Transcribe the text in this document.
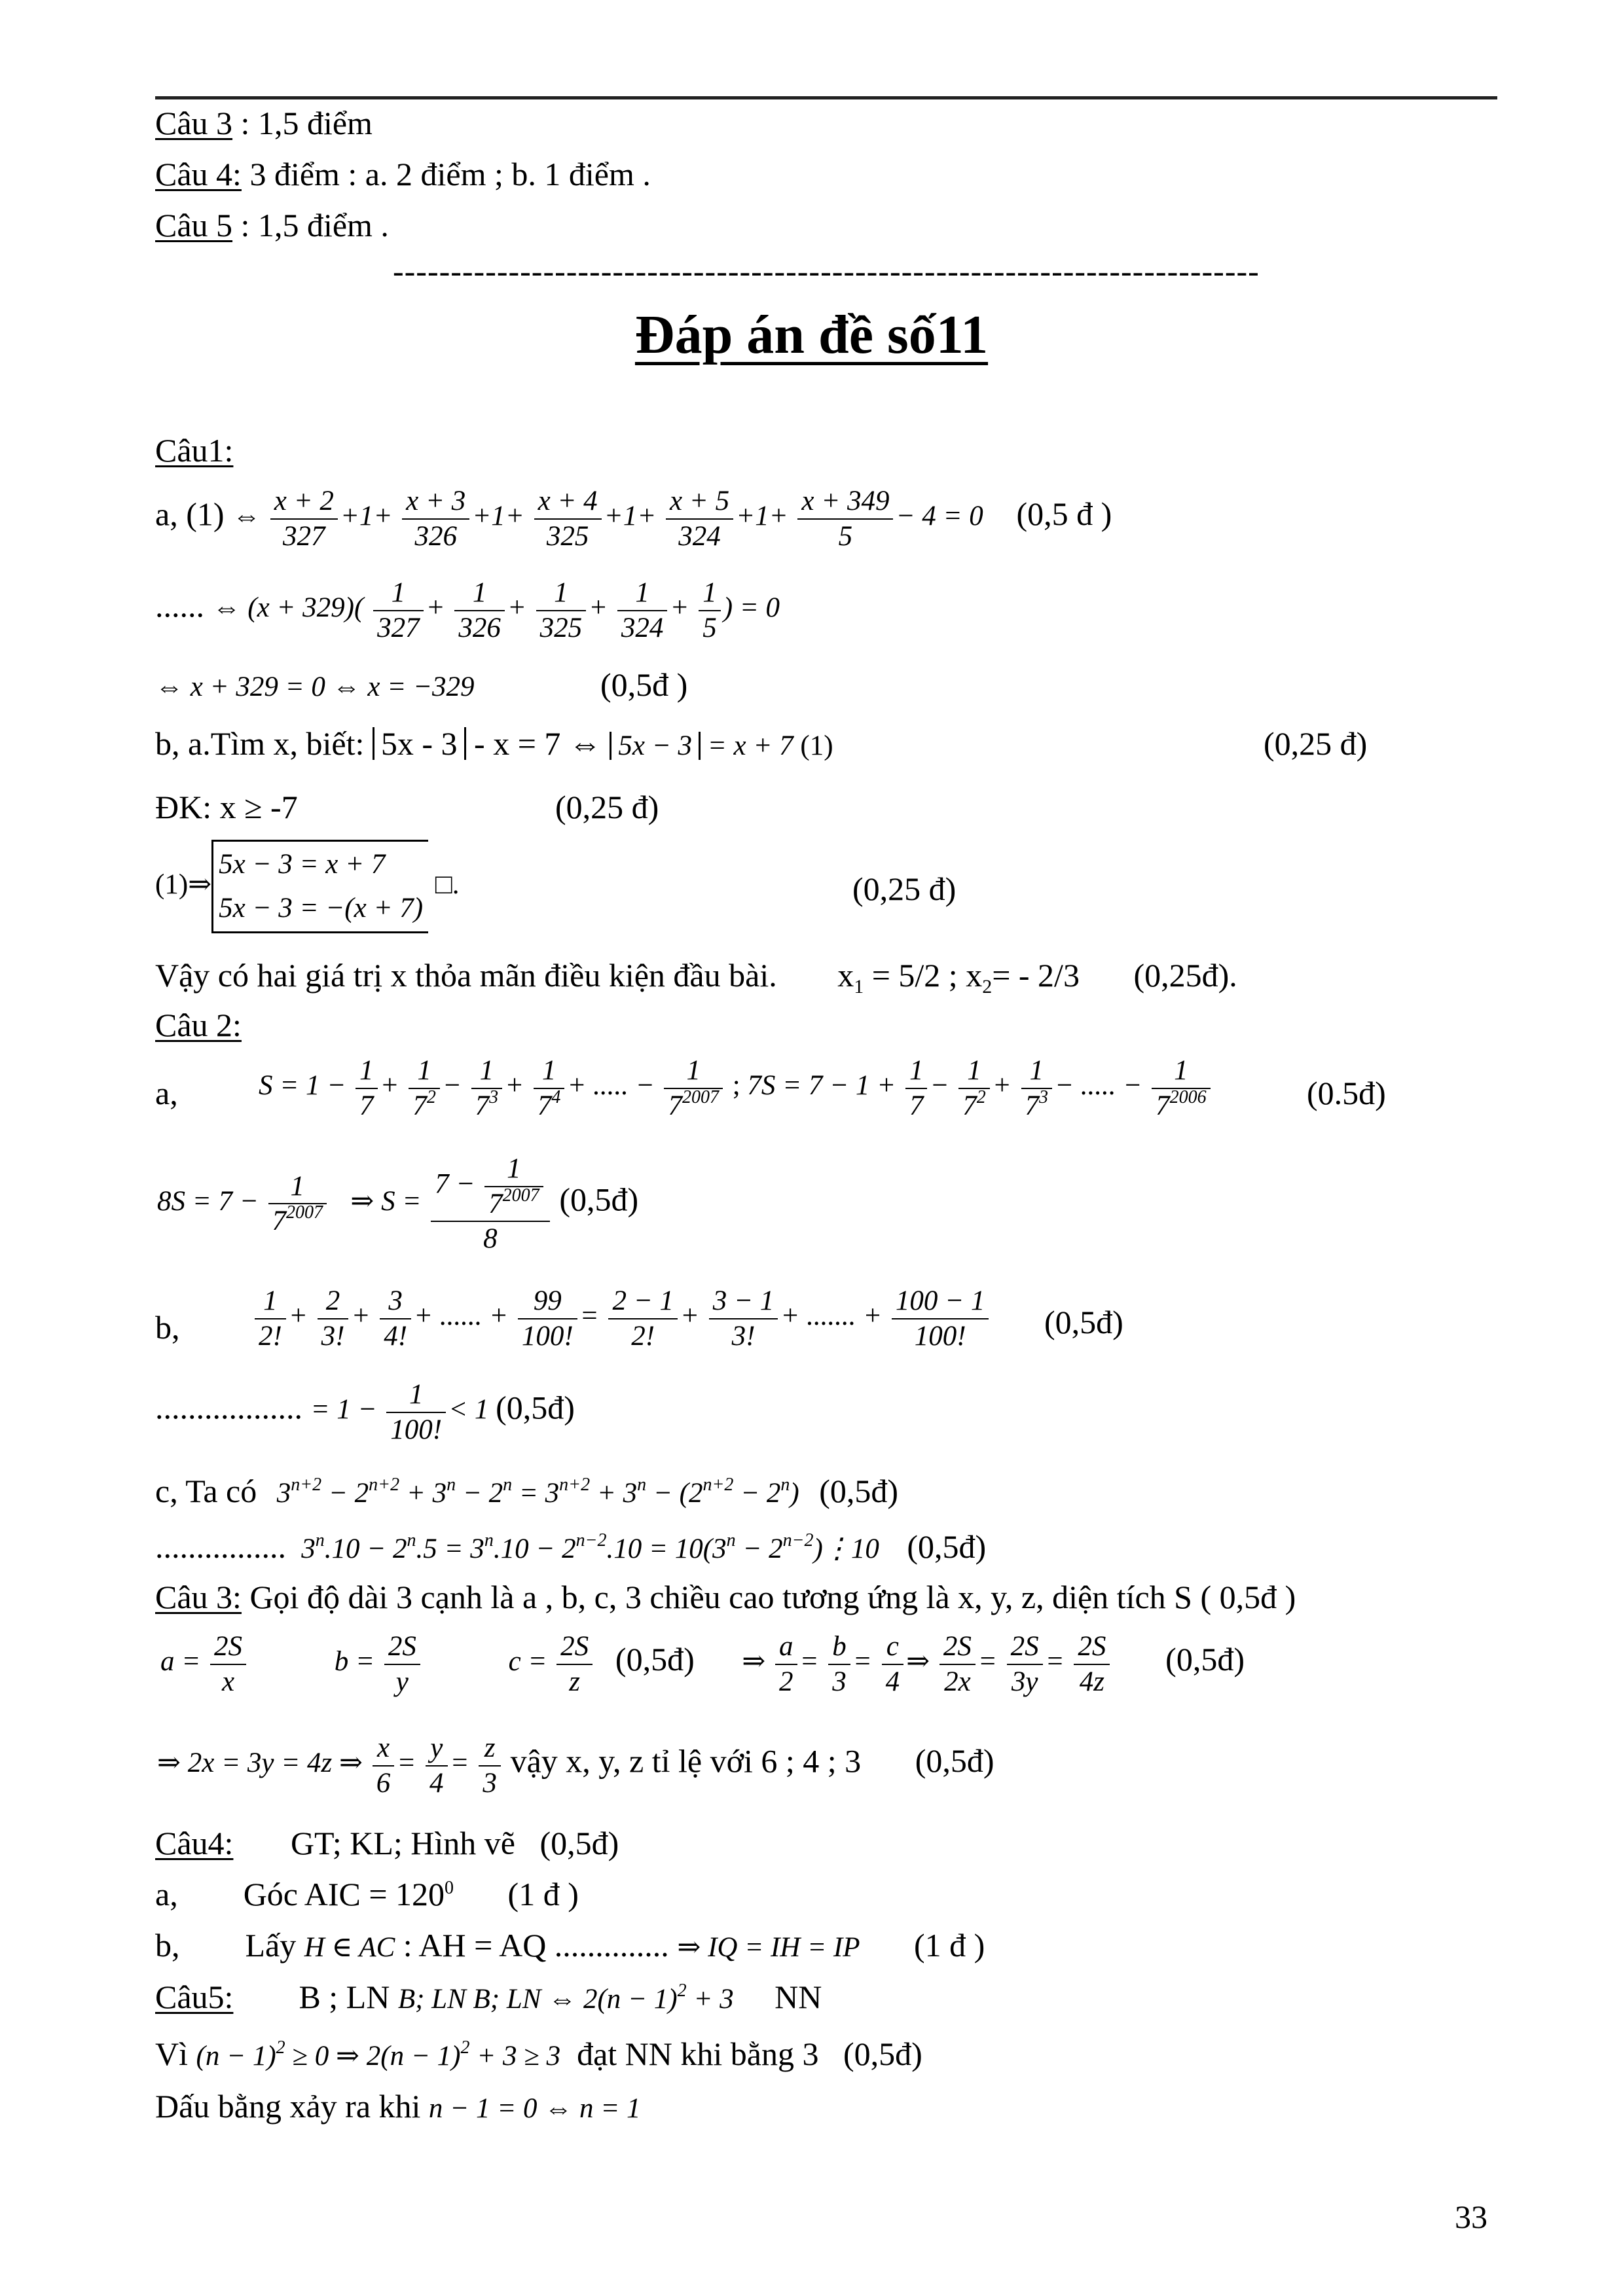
Câu 3 : 1,5 điểm
Câu 4: 3 điểm : a. 2 điểm ; b. 1 điểm .
Câu 5 : 1,5 điểm .
---------------------------------------------------------------------------
Đáp án đề số11
Câu1:
a, (1) ⇔ $\frac{x + 2}{327} +1+ \frac{x + 3}{326} +1+ \frac{x + 4}{325} +1+ \frac{x + 5}{324} +1+ \frac{x + 349}{5} - 4 = 0$ (0,5 đ )
...... ⇔ $(x + 329)( \frac{1}{327} + \frac{1}{326} + \frac{1}{325} + \frac{1}{324} + \frac{1}{5}$ ) = 0
⇔ x + 329 = 0 ⇔ x = −329	(0,5đ )
b, a.Tìm x, biết: 5x - 3 - x = 7 ⇔ 5x − 3 = x + 7 (1)	(0,25 đ)
ĐK: x ≥ -7	(0,25 đ)
(1)⇒5x − 3 = x + 7
5x − 3 = −(x + 7) □.	(0,25 đ)
Vậy có hai giá trị x thỏa mãn điều kiện đầu bài. $x_1 = 5/2$ ; $x_2= - 2/3$ (0,25đ).
Câu 2:
a,	$S = 1 - \frac{1}{7} + \frac{1}{7^2} - \frac{1}{7^3} + \frac{1}{7^4}$ + ..... − $\frac{1}{7^{2007}}$ ; $7S = 7 - 1 + \frac{1}{7} - \frac{1}{7^2} + \frac{1}{7^3}$ − ..... − $\frac{1}{7^{2006}}$	(0.5đ)
$8S = 7 - \frac{1}{7^{2007}}$ ⇒ $S = \frac{7 - \frac{1}{7^{2007}}}{8}$ (0,5đ)
b,	$\frac{1}{2!} + \frac{2}{3!} + \frac{3}{4!}$ + ...... + $\frac{99}{100!} = \frac{2 - 1}{2!} + \frac{3 - 1}{3!}$ + ....... + $\frac{100 - 1}{100!}$ (0,5đ)
.................. = $1 - \frac{1}{100!} < 1$ (0,5đ)
c, Ta có $3^{n+2} - 2^{n+2} + 3^n - 2^n = 3^{n+2} + 3^n - (2^{n+2} - 2^n)$ (0,5đ)
................  $3^n.10 - 2^n.5 = 3^n.10 - 2^{n-2}.10 = 10(3^n$ − $2^{n-2})⋮10$ (0,5đ)
Câu 3: Gọi độ dài 3 cạnh là a , b, c, 3 chiều cao tương ứng là x, y, z, diện tích S ( 0,5đ )
$a = \frac{2S}{x}$	$b = \frac{2S}{y}$	$c = \frac{2S}{z}$ (0,5đ) ⇒ $\frac{a}{2} = \frac{b}{3} = \frac{c}{4}$ ⇒ $\frac{2S}{2x} = \frac{2S}{3y} = \frac{2S}{4z}$ (0,5đ)
⇒ 2x = 3y = 4z ⇒ $\frac{x}{6} = \frac{y}{4} = \frac{z}{3}$ vậy x, y, z tỉ lệ với 6 ; 4 ; 3 (0,5đ)
Câu4:       GT; KL; Hình vẽ   (0,5đ)
a,        Góc AIC = $120^0$ (1 đ )
b,        Lấy H ∈ AC : AH = AQ .............. ⇒ IQ = IH = IP (1 đ )
Câu5:        B ; LN B; LN B; LN ⇔ $2(n - 1)^2 + 3$ NN
Vì $(n - 1)^2 \ge 0$ ⇒ $2(n - 1)^2 + 3 \ge 3$  đạt NN khi bằng 3   (0,5đ)
Dấu bằng xảy ra khi n − 1 = 0 ⇔ n = 1
33
